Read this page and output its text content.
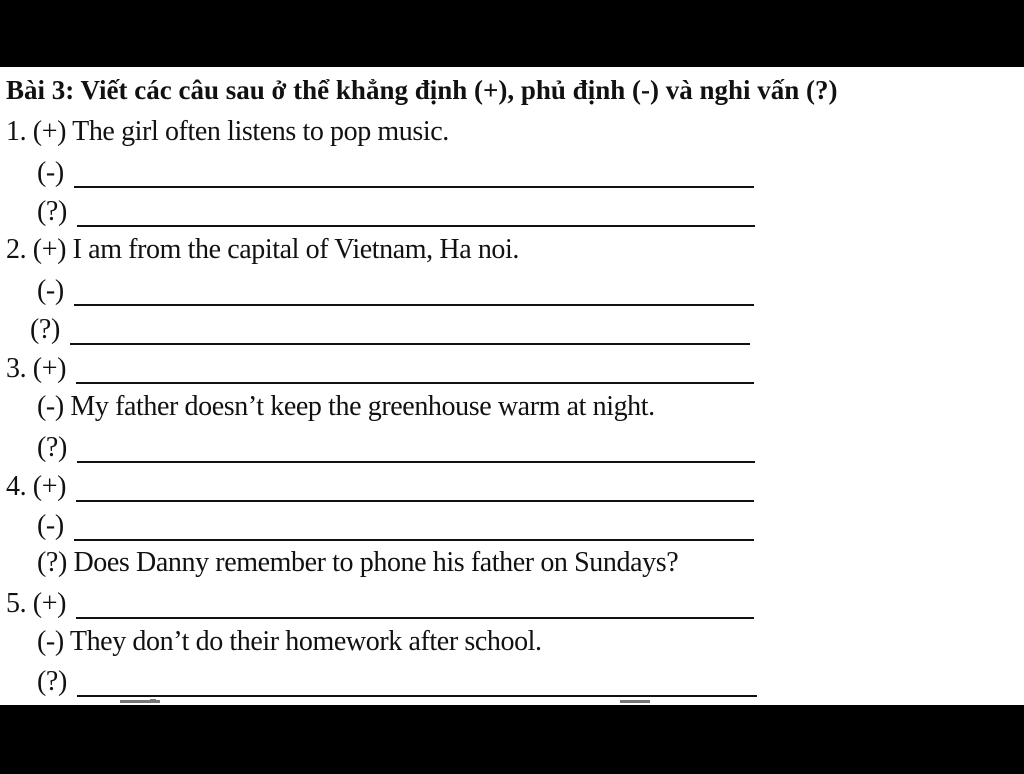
Bài 3: Viết các câu sau ở thể khẳng định (+), phủ định (-) và nghi vấn (?)
1. (+) The girl often listens to pop music.
(-)
(?)
2. (+) I am from the capital of Vietnam, Ha noi.
(-)
(?)
3. (+)
(-) My father doesn’t keep the greenhouse warm at night.
(?)
4. (+)
(-)
(?) Does Danny remember to phone his father on Sundays?
5. (+)
(-) They don’t do their homework after school.
(?)
